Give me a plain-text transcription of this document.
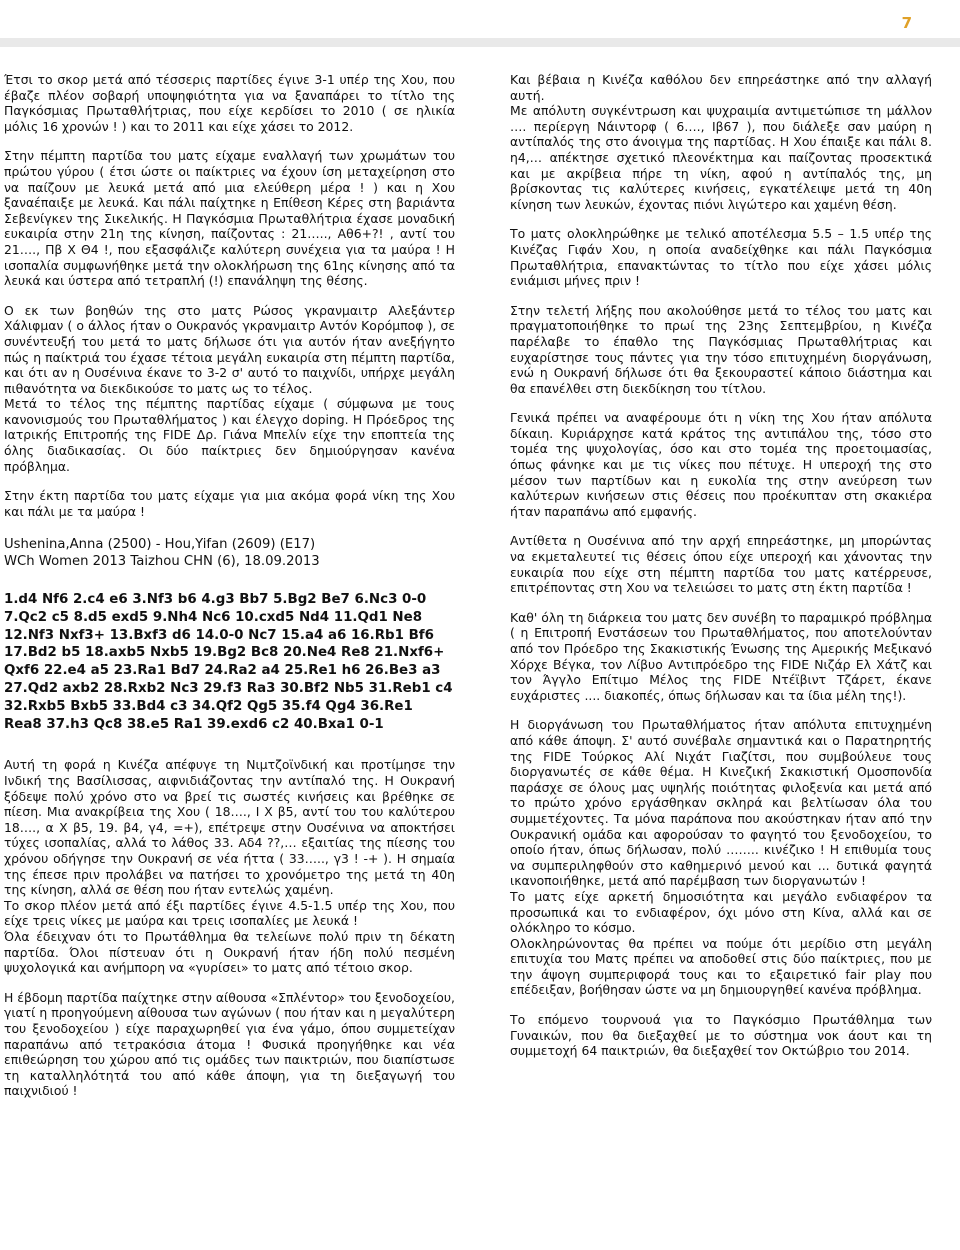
7

Έτσι το σκορ μετά από τέσσερις παρτίδες έγινε 3-1 υπέρ της Χου, που έβαζε πλέον σοβαρή υποψηφιότητα για να ξαναπάρει το τίτλο της Παγκόσμιας Πρωταθλήτριας, που είχε κερδίσει το 2010 ( σε ηλικία μόλις 16 χρονών ! ) και το 2011 και είχε χάσει το 2012.

Στην πέμπτη παρτίδα του ματς είχαμε εναλλαγή των χρωμάτων του πρώτου γύρου ( έτσι ώστε οι παίκτριες να έχουν ίση μεταχείρηση στο να παίζουν με λευκά μετά από μια ελεύθερη μέρα ! ) και η Χου ξαναέπαιξε με λευκά. Και πάλι παίχτηκε η Επίθεση Κέρες στη βαριάντα Σεβενίγκεν της Σικελικής. Η Παγκόσμια Πρωταθλήτρια έχασε μοναδική ευκαιρία στην 21η της κίνηση, παίζοντας : 21….., Αθ6+?! , αντί του 21…., Πβ Χ Θ4 !, που εξασφάλιζε καλύτερη συνέχεια για τα μαύρα ! Η ισοπαλία συμφωνήθηκε μετά την ολοκλήρωση της 61ης κίνησης από τα λευκά και ύστερα από τετραπλή (!) επανάληψη της θέσης.

Ο εκ των βοηθών της στο ματς Ρώσος γκρανμαιτρ Αλεξάντερ Χάλιφμαν ( ο άλλος ήταν ο Ουκρανός γκρανμαιτρ Αντόν Κορόμποφ ), σε συνέντευξή του μετά το ματς δήλωσε ότι για αυτόν ήταν ανεξήγητο πώς η παίκτριά του έχασε τέτοια μεγάλη ευκαιρία στη πέμπτη παρτίδα, και ότι αν η Ουσένινα έκανε το 3-2 σ' αυτό το παιχνίδι, υπήρχε μεγάλη πιθανότητα να διεκδικούσε το ματς ως το τέλος.

Μετά το τέλος της πέμπτης παρτίδας είχαμε ( σύμφωνα με τους κανονισμούς του Πρωταθλήματος ) και έλεγχο doping. Η Πρόεδρος της Ιατρικής Επιτροπής της FIDE Δρ. Γιάνα Μπελίν είχε την εποπτεία της όλης διαδικασίας. Οι δύο παίκτριες δεν δημιούργησαν κανένα πρόβλημα.

Στην έκτη παρτίδα του ματς είχαμε για μια ακόμα φορά νίκη της Χου και πάλι με τα μαύρα !

Ushenina,Anna (2500) - Hou,Yifan (2609) (E17)
WCh Women 2013 Taizhou CHN (6), 18.09.2013

1.d4 Nf6 2.c4 e6 3.Nf3 b6 4.g3 Bb7 5.Bg2 Be7 6.Nc3 0-0 7.Qc2 c5 8.d5 exd5 9.Nh4 Nc6 10.cxd5 Nd4 11.Qd1 Ne8 12.Nf3 Nxf3+ 13.Bxf3 d6 14.0-0 Nc7 15.a4 a6 16.Rb1 Bf6 17.Bd2 b5 18.axb5 Nxb5 19.Bg2 Bc8 20.Ne4 Re8 21.Nxf6+ Qxf6 22.e4 a5 23.Ra1 Bd7 24.Ra2 a4 25.Re1 h6 26.Be3 a3 27.Qd2 axb2 28.Rxb2 Nc3 29.f3 Ra3 30.Bf2 Nb5 31.Reb1 c4 32.Rxb5 Bxb5 33.Bd4 c3 34.Qf2 Qg5 35.f4 Qg4 36.Re1 Rea8 37.h3 Qc8 38.e5 Ra1 39.exd6 c2 40.Bxa1 0-1

Αυτή τη φορά η Κινέζα απέφυγε τη Νιμτζοϊνδική και προτίμησε την Ινδική της Βασίλισσας, αιφνιδιάζοντας την αντίπαλό της. Η Ουκρανή ξόδεψε πολύ χρόνο στο να βρεί τις σωστές κινήσεις και βρέθηκε σε πίεση. Μια ανακρίβεια της Χου ( 18…., Ι Χ β5, αντί του του καλύτερου 18…., α Χ β5, 19. β4, γ4, =+), επέτρεψε στην Ουσένινα να αποκτήσει τύχες ισοπαλίας, αλλά το λάθος 33. Αδ4 ??,… εξαιτίας της πίεσης του χρόνου οδήγησε την Ουκρανή σε νέα ήττα ( 33….., γ3 ! -+ ). Η σημαία της έπεσε πριν προλάβει να πατήσει το χρονόμετρο της μετά τη 40η της κίνηση, αλλά σε θέση που ήταν εντελώς χαμένη.

Το σκορ πλέον μετά από έξι παρτίδες έγινε 4.5-1.5 υπέρ της Χου, που είχε τρεις νίκες με μαύρα και τρεις ισοπαλίες με λευκά !

Όλα έδειχναν ότι το Πρωτάθλημα θα τελείωνε πολύ πριν τη δέκατη παρτίδα. Όλοι πίστευαν ότι η Ουκρανή ήταν ήδη πολύ πεσμένη ψυχολογικά και ανήμπορη να «γυρίσει» το ματς από τέτοιο σκορ.

Η έβδομη παρτίδα παίχτηκε στην αίθουσα «Σπλέντορ» του ξενοδοχείου, γιατί η προηγούμενη αίθουσα των αγώνων ( που ήταν και η μεγαλύτερη του ξενοδοχείου ) είχε παραχωρηθεί για ένα γάμο, όπου συμμετείχαν παραπάνω από τετρακόσια άτομα ! Φυσικά προηγήθηκε και νέα επιθεώρηση του χώρου από τις ομάδες των παικτριών, που διαπίστωσε τη καταλληλότητά του από κάθε άποψη, για τη διεξαγωγή του παιχνιδιού !

Και βέβαια η Κινέζα καθόλου δεν επηρεάστηκε από την αλλαγή αυτή.

Με απόλυτη συγκέντρωση και ψυχραιμία αντιμετώπισε τη μάλλον …. περίεργη Νάιντορφ ( 6…., Ιβ67 ), που διάλεξε σαν μαύρη η αντίπαλός της στο άνοιγμα της παρτίδας. Η Χου έπαιξε και πάλι 8. η4,… απέκτησε σχετικό πλεονέκτημα και παίζοντας προσεκτικά και με ακρίβεια πήρε τη νίκη, αφού η αντίπαλός της, μη βρίσκοντας τις καλύτερες κινήσεις, εγκατέλειψε μετά τη 40η κίνηση των λευκών, έχοντας πιόνι λιγώτερο και χαμένη θέση.

Το ματς ολοκληρώθηκε με τελικό αποτέλεσμα 5.5 – 1.5 υπέρ της Κινέζας Γιφάν Χου, η οποία αναδείχθηκε και πάλι Παγκόσμια Πρωταθλήτρια, επανακτώντας το τίτλο που είχε χάσει μόλις ενιάμισι μήνες πριν !

Στην τελετή λήξης που ακολούθησε μετά το τέλος του ματς και πραγματοποιήθηκε το πρωί της 23ης Σεπτεμβρίου, η Κινέζα παρέλαβε το έπαθλο της Παγκόσμιας Πρωταθλήτριας και ευχαρίστησε τους πάντες για την τόσο επιτυχημένη διοργάνωση, ενώ η Ουκρανή δήλωσε ότι θα ξεκουραστεί κάποιο διάστημα και θα επανέλθει στη διεκδίκηση του τίτλου.

Γενικά πρέπει να αναφέρουμε ότι η νίκη της Χου ήταν απόλυτα δίκαιη. Κυριάρχησε κατά κράτος της αντιπάλου της, τόσο στο τομέα της ψυχολογίας, όσο και στο τομέα της προετοιμασίας, όπως φάνηκε και με τις νίκες που πέτυχε. Η υπεροχή της στο μέσον των παρτίδων και η ευκολία της στην ανεύρεση των καλύτερων κινήσεων στις θέσεις που προέκυπταν στη σκακιέρα ήταν παραπάνω από εμφανής.

Αντίθετα η Ουσένινα από την αρχή επηρεάστηκε, μη μπορώντας να εκμεταλευτεί τις θέσεις όπου είχε υπεροχή και χάνοντας την ευκαιρία που είχε στη πέμπτη παρτίδα του ματς κατέρρευσε, επιτρέποντας στη Χου να τελειώσει το ματς στη έκτη παρτίδα !

Καθ' όλη τη διάρκεια του ματς δεν συνέβη το παραμικρό πρόβλημα ( η Επιτροπή Ενστάσεων του Πρωταθλήματος, που αποτελούνταν από τον Πρόεδρο της Σκακιστικής Ένωσης της Αμερικής Μεξικανό Χόρχε Βέγκα, τον Λίβυο Αντιπρόεδρο της FIDE Νιζάρ Ελ Χάτζ και τον Άγγλο Επίτιμο Μέλος της FIDE Ντέϊβιντ Τζάρετ, έκανε ευχάριστες .... διακοπές, όπως δήλωσαν και τα ίδια μέλη της!).

Η διοργάνωση του Πρωταθλήματος ήταν απόλυτα επιτυχημένη από κάθε άποψη. Σ' αυτό συνέβαλε σημαντικά και ο Παρατηρητής της FIDE Τούρκος Αλί Νιχάτ Γιαζίτσι, που συμβούλευε τους διοργανωτές σε κάθε θέμα. Η Κινεζική Σκακιστική Ομοσπονδία παράσχε σε όλους μας υψηλής ποιότητας φιλοξενία και μετά από το πρώτο χρόνο εργάσθηκαν σκληρά και βελτίωσαν όλα του συμμετέχοντες. Τα μόνα παράπονα που ακούστηκαν ήταν από την Ουκρανική ομάδα και αφορούσαν το φαγητό του ξενοδοχείου, το οποίο ήταν, όπως δήλωσαν, πολύ …….. κινέζικο ! Η επιθυμία τους να συμπεριληφθούν στο καθημερινό μενού και ... δυτικά φαγητά ικανοποιήθηκε, μετά από παρέμβαση των διοργανωτών !

Το ματς είχε αρκετή δημοσιότητα και μεγάλο ενδιαφέρον τα προσωπικά και το ενδιαφέρον, όχι μόνο στη Κίνα, αλλά και σε ολόκληρο το κόσμο.

Ολοκληρώνοντας θα πρέπει να πούμε ότι μερίδιο στη μεγάλη επιτυχία του Ματς πρέπει να αποδοθεί στις δύο παίκτριες, που με την άψογη συμπεριφορά τους και το εξαιρετικό fair play που επέδειξαν, βοήθησαν ώστε να μη δημιουργηθεί κανένα πρόβλημα.

Το επόμενο τουρνουά για το Παγκόσμιο Πρωτάθλημα των Γυναικών, που θα διεξαχθεί με το σύστημα νοκ άουτ και τη συμμετοχή 64 παικτριών, θα διεξαχθεί τον Οκτώβριο του 2014.
